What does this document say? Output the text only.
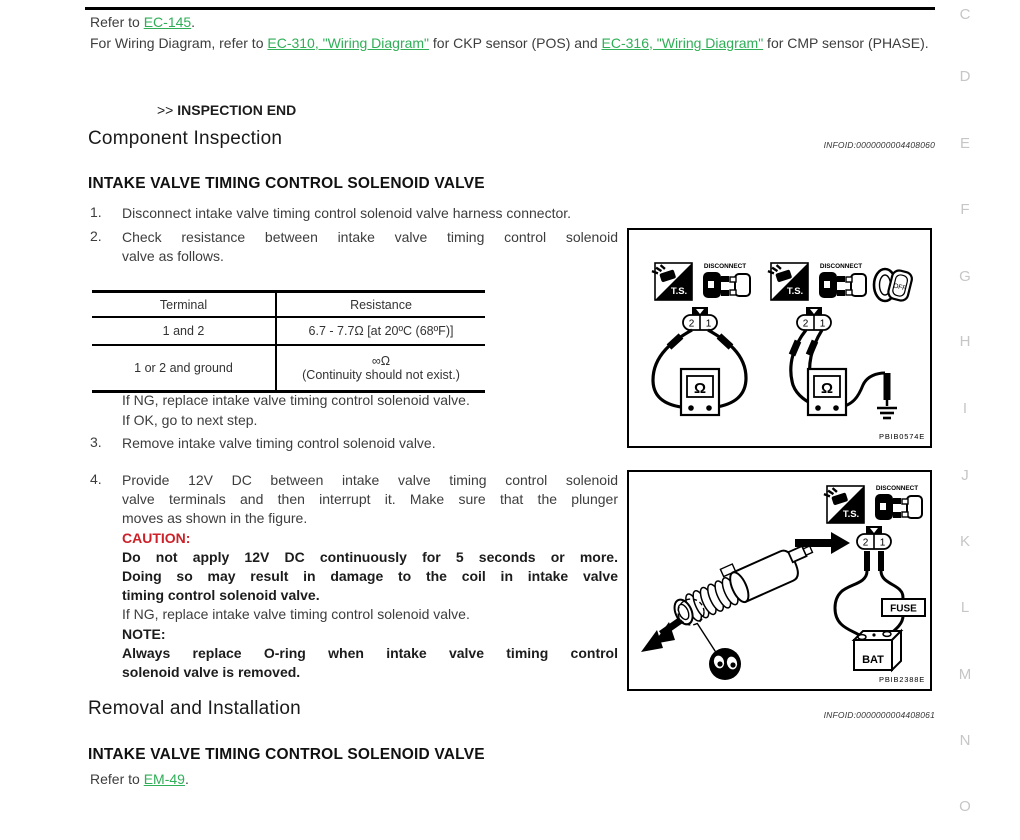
Refer to EC-145.
For Wiring Diagram, refer to EC-310, "Wiring Diagram" for CKP sensor (POS) and EC-316, "Wiring Diagram" for CMP sensor (PHASE).
>> INSPECTION END
Component Inspection	INFOID:0000000004408060
INTAKE VALVE TIMING CONTROL SOLENOID VALVE
1.	Disconnect intake valve timing control solenoid valve harness connector.
2.	Check resistance between intake valve timing control solenoid
valve as follows.
Terminal	Resistance
1 and 2	6.7 - 7.7Ω [at 20ºC (68ºF)]
1 or 2 and ground	∞Ω
(Continuity should not exist.)
If NG, replace intake valve timing control solenoid valve.
If OK, go to next step.
3.	Remove intake valve timing control solenoid valve.
4.	Provide 12V DC between intake valve timing control solenoid
valve terminals and then interrupt it. Make sure that the plunger
moves as shown in the figure.
CAUTION:
Do not apply 12V DC continuously for 5 seconds or more.
Doing so may result in damage to the coil in intake valve
timing control solenoid valve.
If NG, replace intake valve timing control solenoid valve.
NOTE:
Always replace O-ring when intake valve timing control
solenoid valve is removed.
Removal and Installation	INFOID:0000000004408061
INTAKE VALVE TIMING CONTROL SOLENOID VALVE
Refer to EM-49.
T.S.
DISCONNECT
T.S.
DISCONNECT
OFF
2 1
Ω
2 1
Ω
PBIB0574E
T.S.
DISCONNECT
2 1
FUSE
BAT
PBIB2388E
C
D
E
F
G
H
I
J
K
L
M
N
O
